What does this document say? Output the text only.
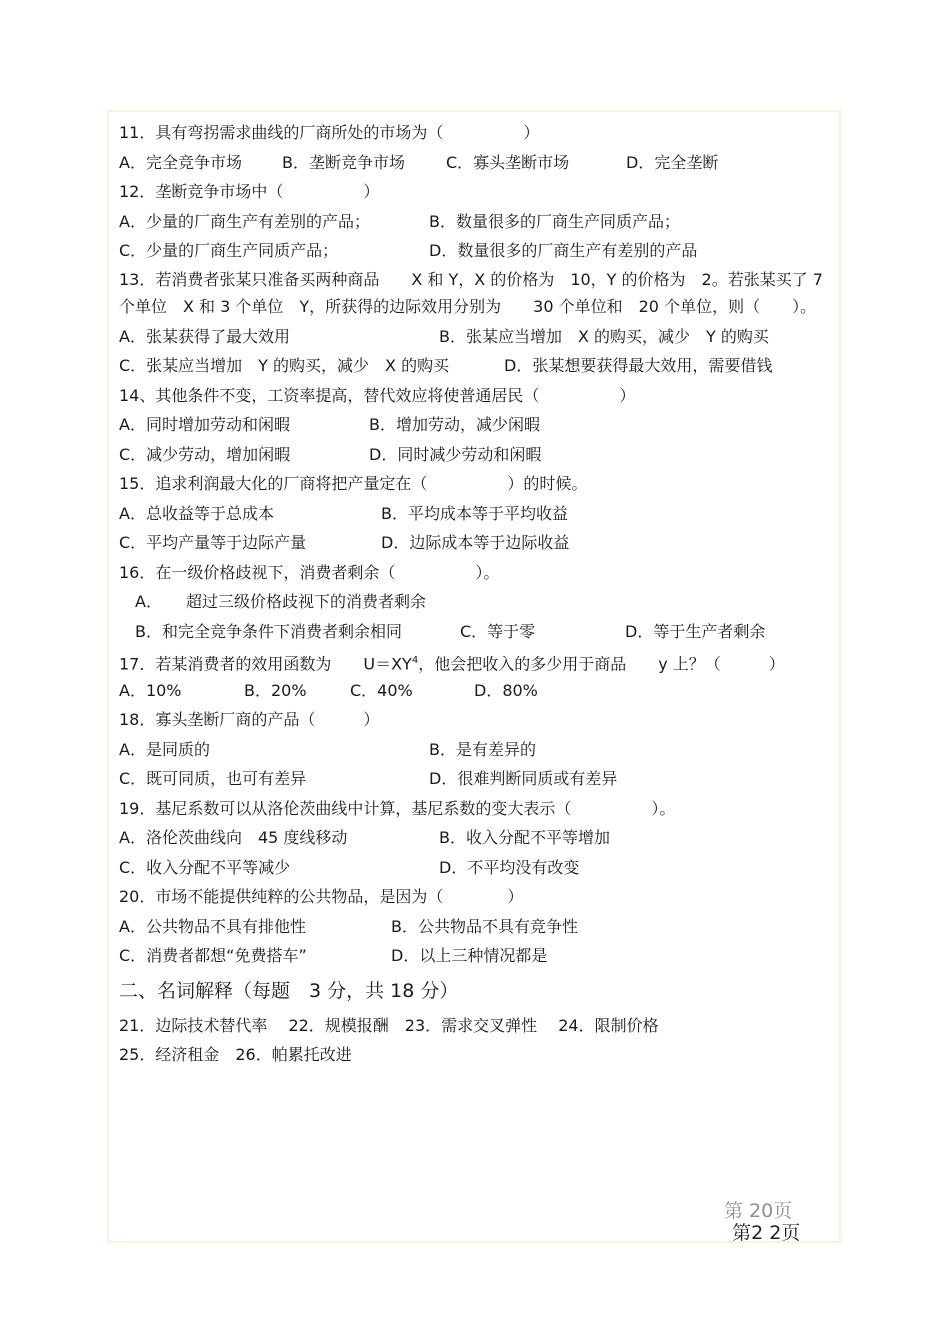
11．具有弯拐需求曲线的厂商所处的市场为（　　　　　）
A．完全竞争市场	B．垄断竞争市场	C．寡头垄断市场	D．完全垄断
12．垄断竞争市场中（　　　　　）
A．少量的厂商生产有差别的产品；	B．数量很多的厂商生产同质产品；
C．少量的厂商生产同质产品；	D．数量很多的厂商生产有差别的产品
13．若消费者张某只准备买两种商品　　X 和 Y，X 的价格为　10，Y 的价格为　2。若张某买了 7 个单位　X 和 3 个单位　Y，所获得的边际效用分别为　　30 个单位和　20 个单位，则（　　）。
A．张某获得了最大效用	B．张某应当增加　X 的购买，减少　Y 的购买
C．张某应当增加　Y 的购买，减少　X 的购买	D．张某想要获得最大效用，需要借钱
14、其他条件不变，工资率提高，替代效应将使普通居民（　　　　　）
A．同时增加劳动和闲暇	B．增加劳动，减少闲暇
C．减少劳动，增加闲暇	D．同时减少劳动和闲暇
15．追求利润最大化的厂商将把产量定在（　　　　　）的时候。
A．总收益等于总成本	B．平均成本等于平均收益
C．平均产量等于边际产量	D．边际成本等于边际收益
16．在一级价格歧视下，消费者剩余（　　　　　）。
A．　　超过三级价格歧视下的消费者剩余
B．和完全竞争条件下消费者剩余相同	C．等于零	D．等于生产者剩余
17．若某消费者的效用函数为　　$U=XY^4$，他会把收入的多少用于商品　　y 上？（　　　）
A．10%	B．20%	C．40%	D．80%
18．寡头垄断厂商的产品（　　　）
A．是同质的	B．是有差异的
C．既可同质，也可有差异	D．很难判断同质或有差异
19．基尼系数可以从洛伦茨曲线中计算，基尼系数的变大表示（　　　　　）。
A．洛伦茨曲线向　45 度线移动	B．收入分配不平等增加
C．收入分配不平等减少	D．不平均没有改变
20．市场不能提供纯粹的公共物品，是因为（　　　　）
A．公共物品不具有排他性	B．公共物品不具有竞争性
C．消费者都想“免费搭车”	D．以上三种情况都是
二、名词解释（每题　3 分，共 18 分）
21．边际技术替代率　 22．规模报酬　23．需求交叉弹性　 24．限制价格
25．经济租金　26．帕累托改进

第2 2页

第 20页
